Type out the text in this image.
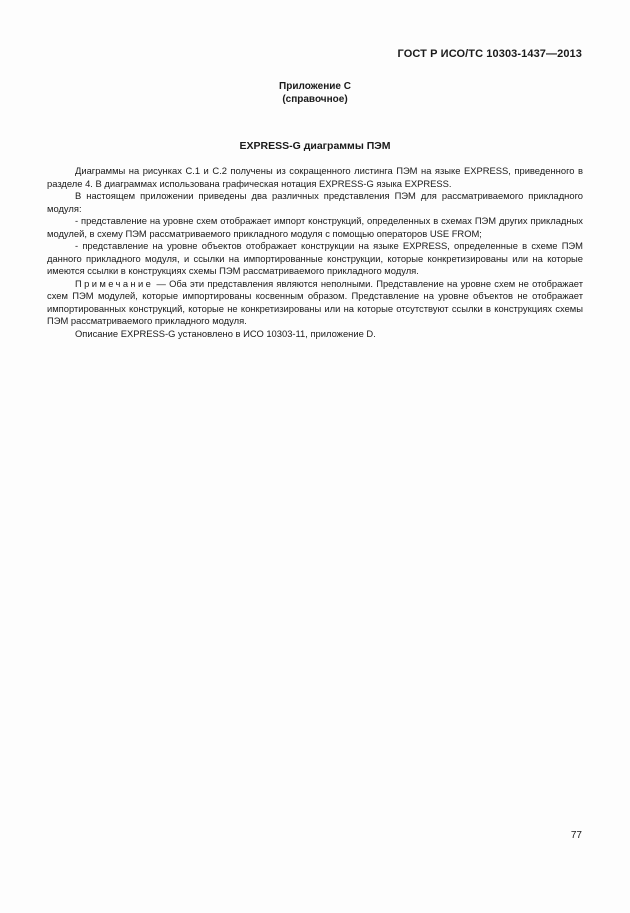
ГОСТ Р ИСО/ТС 10303-1437—2013
Приложение C
(справочное)
EXPRESS-G диаграммы ПЭМ

Диаграммы на рисунках C.1 и C.2 получены из сокращенного листинга ПЭМ на языке EXPRESS, приведенного в разделе 4. В диаграммах использована графическая нотация EXPRESS-G языка EXPRESS.

В настоящем приложении приведены два различных представления ПЭМ для рассматриваемого прикладного модуля:

- представление на уровне схем отображает импорт конструкций, определенных в схемах ПЭМ других прикладных модулей, в схему ПЭМ рассматриваемого прикладного модуля с помощью операторов USE FROM;

- представление на уровне объектов отображает конструкции на языке EXPRESS, определенные в схеме ПЭМ данного прикладного модуля, и ссылки на импортированные конструкции, которые конкретизированы или на которые имеются ссылки в конструкциях схемы ПЭМ рассматриваемого прикладного модуля.

Примечание — Оба эти представления являются неполными. Представление на уровне схем не отображает схем ПЭМ модулей, которые импортированы косвенным образом. Представление на уровне объектов не отображает импортированных конструкций, которые не конкретизированы или на которые отсутствуют ссылки в конструкциях схемы ПЭМ рассматриваемого прикладного модуля.

Описание EXPRESS-G установлено в ИСО 10303-11, приложение D.

77
